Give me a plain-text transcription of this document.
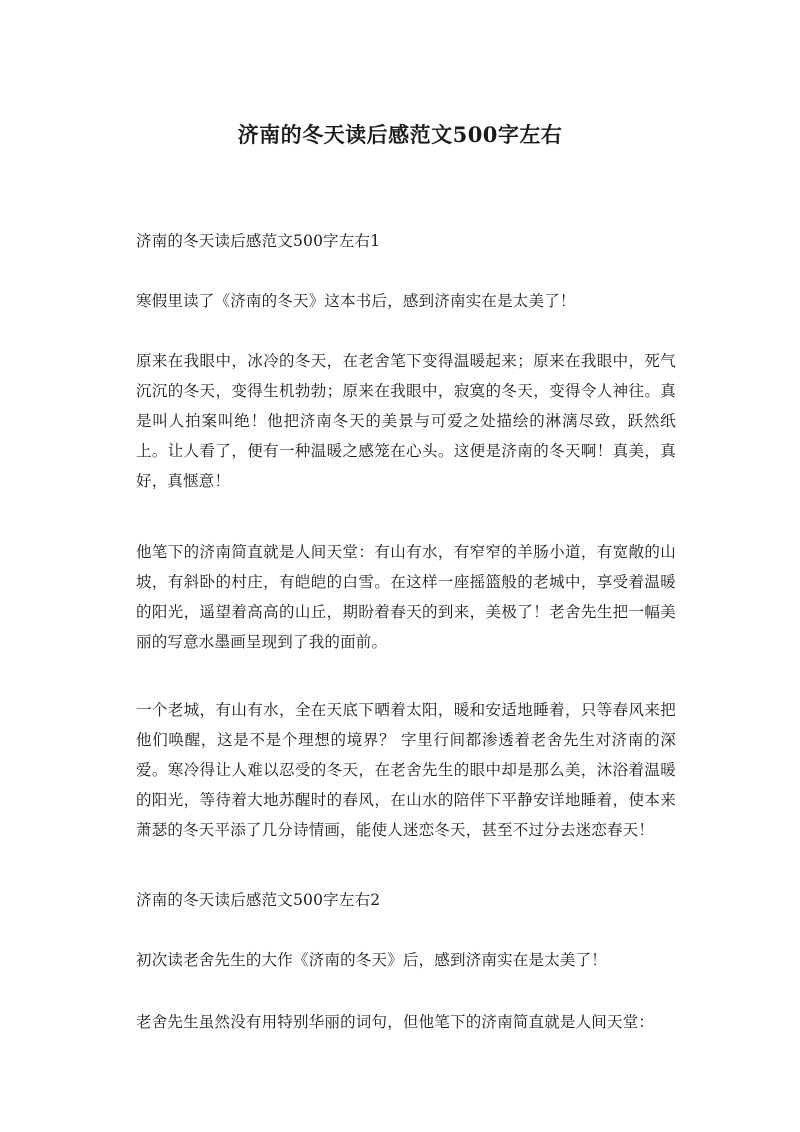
济南的冬天读后感范文500字左右

济南的冬天读后感范文500字左右1

寒假里读了《济南的冬天》这本书后，感到济南实在是太美了！

原来在我眼中，冰冷的冬天，在老舍笔下变得温暖起来；原来在我眼中，死气沉沉的冬天，变得生机勃勃；原来在我眼中，寂寞的冬天，变得令人神往。真是叫人拍案叫绝！他把济南冬天的美景与可爱之处描绘的淋漓尽致，跃然纸上。让人看了，便有一种温暖之感笼在心头。这便是济南的冬天啊！真美，真好，真惬意！

他笔下的济南简直就是人间天堂：有山有水，有窄窄的羊肠小道，有宽敞的山坡，有斜卧的村庄，有皑皑的白雪。在这样一座摇篮般的老城中，享受着温暖的阳光，遥望着高高的山丘，期盼着春天的到来，美极了！老舍先生把一幅美丽的写意水墨画呈现到了我的面前。

一个老城，有山有水，全在天底下晒着太阳，暖和安适地睡着，只等春风来把他们唤醒，这是不是个理想的境界？ 字里行间都渗透着老舍先生对济南的深爱。寒冷得让人难以忍受的冬天，在老舍先生的眼中却是那么美，沐浴着温暖的阳光，等待着大地苏醒时的春风，在山水的陪伴下平静安详地睡着，使本来萧瑟的冬天平添了几分诗情画，能使人迷恋冬天，甚至不过分去迷恋春天！

济南的冬天读后感范文500字左右2

初次读老舍先生的大作《济南的冬天》后，感到济南实在是太美了！

老舍先生虽然没有用特别华丽的词句，但他笔下的济南简直就是人间天堂：
